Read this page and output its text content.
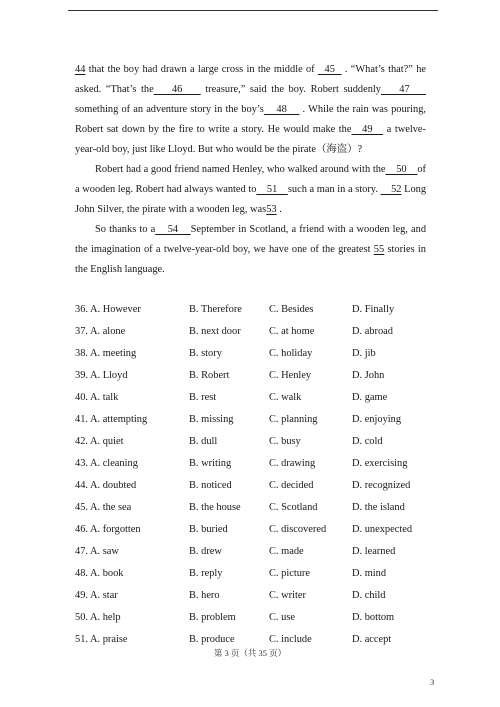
44 that the boy had drawn a large cross in the middle of   45   . “What’s that?” he asked. “That’s the    46     treasure,” said the boy. Robert suddenly    47     something of an adventure story in the boy’s    48     . While the rain was pouring, Robert sat down by the fire to write a story. He would make the   49    a twelve-year-old boy, just like Lloyd. But who would be the pirate（海盗）?

Robert had a good friend named Henley, who walked around with the    50    of a wooden leg. Robert had always wanted to    51    such a man in a story.     52 Long John Silver, the pirate with a wooden leg, was53 .

So thanks to a    54    September in Scotland, a friend with a wooden leg, and the imagination of a twelve-year-old boy, we have one of the greatest 55 stories in the English language.

36. A. However	B. Therefore	C. Besides	D. Finally
37. A. alone	B. next door	C. at home	D. abroad
38. A. meeting	B. story	C. holiday	D. jib
39. A. Lloyd	B. Robert	C. Henley	D. John
40. A. talk	B. rest	C. walk	D. game
41. A. attempting	B. missing	C. planning	D. enjoying
42. A. quiet	B. dull	C. busy	D. cold
43. A. cleaning	B. writing	C. drawing	D. exercising
44. A. doubted	B. noticed	C. decided	D. recognized
45. A. the sea	B. the house	C. Scotland	D. the island
46. A. forgotten	B. buried	C. discovered D. unexpected
47. A. saw	B. drew	C. made	D. learned
48. A. book	B. reply	C. picture	D. mind
49. A. star	B. hero	C. writer	D. child
50. A. help	B. problem	C. use	D. bottom
51. A. praise	B. produce	C. include	D. accept
第 3 页（共 35 页）
3
